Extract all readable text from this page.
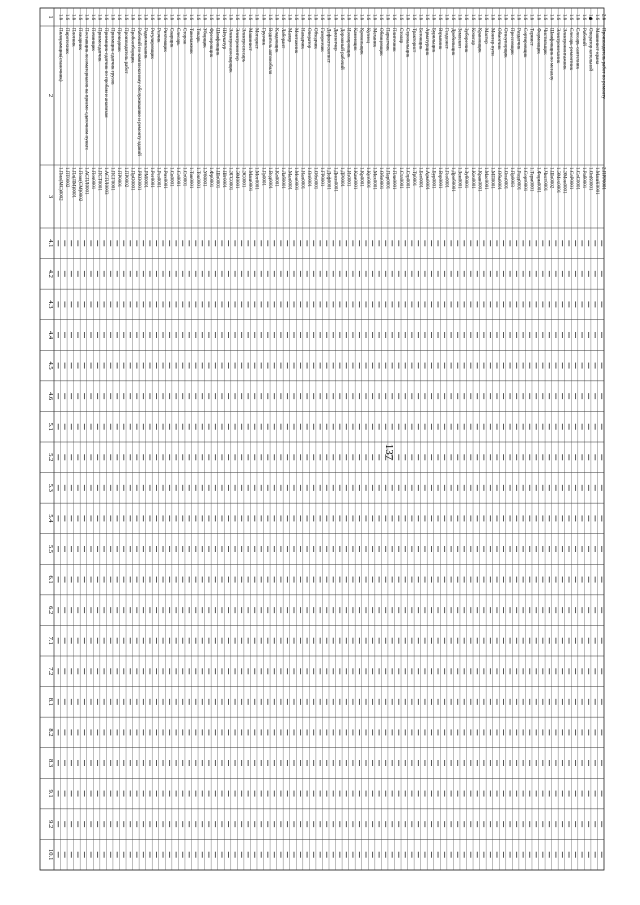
137
1
2
3
4.1
4.2
4.3
4.4
4.5
4.6
5.1
5.2
5.3
5.4
5.5
6.1
6.2
7.1
7.2
8.1
8.2
8.3
9.1
9.2
10.1
1.6
Пилорамщик(станочник)
1.Пил(МС)0002
1.6
Пиротехник
1.ПТ0002
1.6
Плотник
1.Пл(ЛМ)0001
1.6
Пожарник
1.Пож(СМ)0002
1.6
Поставщик лесоматериалов на приемо-сдаточном пункте
1.АСПЛ0001
1.6
Починщик
1.Поч0001
1.6
Приемосдатчик
1.ПСТ0001
1.6
Приемщик-сдатчик по пробам и анализам
1.АСПЛ0003
1.6
Приемщик-сдатчик грузов
1.ПСГ0001
1.6
Проводник
1.ПР0001
1.6
Производитель работ
1.ПР0002
1.6
Пробоотборщик
1.ПрО0001
1.6
Рабочий по комплексному обслуживанию и ремонту зданий
1.РКО0001
1.6
Радиомеханик
1.РМ0001
1.6
Регулировщик
1.Рег0001
1.6
Резчик
1.Рез0001
1.6
Рихтовщик
1.Рих0001
1.6
Сварщик
1.Св0001
1.6
Слесарь
1.Сл0001
1.6
Сторож
1.Ст0001
1.6
Такелажник
1.Так0001
1.6
Токарь
1.Ток0001
1.6
Уборщик
1.Уб0001
1.6
Фрезеровщик
1.Фр0001
1.6
Шлифовщик
1.Шл0001
1.6
Штукатур
1.Шт0001
1.6
Электрогазосварщик
1.ЭГС0001
1.6
Электромонтер
1.ЭМ0001
1.6
Электрослесарь
1.ЭС0001
1.6
Машинист
1.Маш0001
1.6
Моторист
1.Мот0001
1.6
Грузчик
1.Гр0001
1.6
Водитель автомобиля
1.Вод0001
1.6
Кладовщик
1.Кл0001
1.6
Лаборант
1.Лаб0001
1.6
Маляр
1.Мал0001
1.6
Монтажник
1.Мон0001
1.6
Наладчик
1.Нал0001
1.6
Оператор
1.Оп0001
1.6
Обходчик
1.Обх0001
1.6
Газорезчик
1.ГР0001
1.6
Дефектоскопист
1.Деф0001
1.6
Диспетчер
1.Дисп0001
1.6
Дорожный рабочий
1.ДР0001
1.6
Изолировщик
1.Из0001
1.6
Каменщик
1.Кам0001
1.6
Кровельщик
1.Кр0001
1.6
Кузнец
1.Куз0001
1.6
Механик
1.Мех0001
1.6
Облицовщик
1.Обл0001
1.6
Паркетчик
1.Пар0001
1.6
Плиточник
1.Пли0001
1.6
Столяр
1.Стл0001
1.6
Стропальщик
1.Стр0001
1.6
Тракторист
1.Тр0001
1.6
Бетонщик
1.Бет0001
1.6
Арматурщик
1.Арм0001
1.6
Бурильщик
1.Бур0001
1.6
Взрывник
1.Взр0001
1.6
Геодезист
1.Гео0001
1.6
Дробильщик
1.Дроб0001
1.6
Землекоп
1.Зем0001
1.6
Зуборезчик
1.Зуб0001
1.6
Кочегар
1.Коч0001
1.6
Крановщик
1.Кран0001
1.6
Мастер
1.Мас0001
1.6
Монтер пути
1.МП0001
1.6
Обмотчик
1.Обм0001
1.6
Огнеупорщик
1.Огн0001
1.6
Прессовщик
1.Пр0003
1.6
Раздатчик
1.Разд0001
1.6
Сортировщик
1.Сорт0001
1.6
Термист
1.Терм0001
1.6
Формовщик
1.Форм0001
1.6
Чистильщик
1.Чист0001
1.6
Шлифовщик по металлу
1.Шл0002
1.6
Электромеханик
1.ЭМех0001
1.6
Электромонтажник
1.ЭМон0001
1.6
Слесарь-ремонтник
1.СлР0001
1.6
Слесарь-сантехник
1.СлС0001
1.6
Рабочий
1.Раб0001
1.6
Оператор котельной
1.ОпК0001
1.6
Машинист крана
1.МашК0001
2.6
Производитель работ по ремонту
2.ПРР0001
